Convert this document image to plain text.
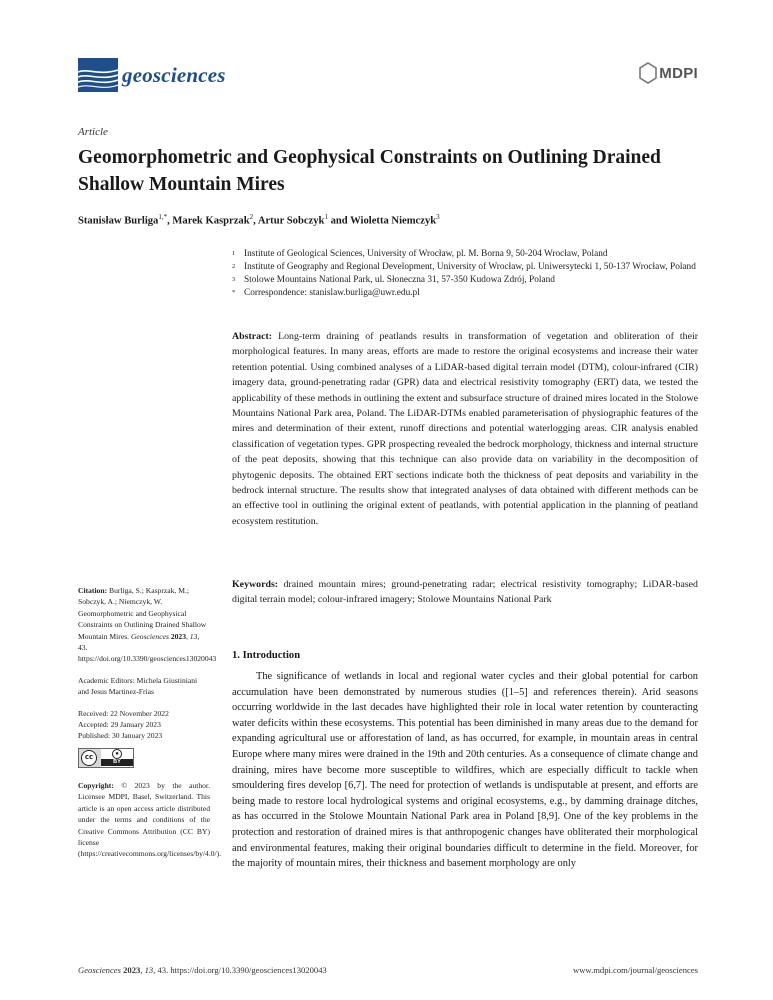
geosciences	MDPI
Article
Geomorphometric and Geophysical Constraints on Outlining Drained Shallow Mountain Mires
Stanisław Burliga$^{1,*}$, Marek Kasprzak$^2$, Artur Sobczyk$^1$ and Wioletta Niemczyk$^3$
1 Institute of Geological Sciences, University of Wrocław, pl. M. Borna 9, 50-204 Wrocław, Poland
2 Institute of Geography and Regional Development, University of Wrocław, pl. Uniwersytecki 1, 50-137 Wrocław, Poland
3 Stolowe Mountains National Park, ul. Słoneczna 31, 57-350 Kudowa Zdrój, Poland
* Correspondence: stanislaw.burliga@uwr.edu.pl

Abstract: Long-term draining of peatlands results in transformation of vegetation and obliteration of their morphological features. In many areas, efforts are made to restore the original ecosystems and increase their water retention potential. Using combined analyses of a LiDAR-based digital terrain model (DTM), colour-infrared (CIR) imagery data, ground-penetrating radar (GPR) data and electrical resistivity tomography (ERT) data, we tested the applicability of these methods in outlining the extent and subsurface structure of drained mires located in the Stolowe Mountains National Park area, Poland. The LiDAR-DTMs enabled parameterisation of physiographic features of the mires and determination of their extent, runoff directions and potential waterlogging areas. CIR analysis enabled classification of vegetation types. GPR prospecting revealed the bedrock morphology, thickness and internal structure of the peat deposits, showing that this technique can also provide data on variability in the decomposition of phytogenic deposits. The obtained ERT sections indicate both the thickness of peat deposits and variability in the bedrock internal structure. The results show that integrated analyses of data obtained with different methods can be an effective tool in outlining the original extent of peatlands, with potential application in the planning of peatland ecosystem restitution.

Keywords: drained mountain mires; ground-penetrating radar; electrical resistivity tomography; LiDAR-based digital terrain model; colour-infrared imagery; Stolowe Mountains National Park

Citation: Burliga, S.; Kasprzak, M.; Sobczyk, A.; Niemczyk, W. Geomorphometric and Geophysical Constraints on Outlining Drained Shallow Mountain Mires. Geosciences 2023, 13, 43. https://doi.org/10.3390/geosciences13020043

Academic Editors: Michela Giustiniani and Jesus Martinez-Frias

Received: 22 November 2022

Accepted: 29 January 2023

Published: 30 January 2023

cc	●
BY

Copyright: © 2023 by the author. Licensee MDPI, Basel, Switzerland. This article is an open access article distributed under the terms and conditions of the Creative Commons Attribution (CC BY) license (https://creativecommons.org/licenses/by/4.0/).

1. Introduction

The significance of wetlands in local and regional water cycles and their global potential for carbon accumulation have been demonstrated by numerous studies ([1–5] and references therein). Arid seasons occurring worldwide in the last decades have highlighted their role in local water retention by counteracting water deficits within these ecosystems. This potential has been diminished in many areas due to the demand for expanding agricultural use or afforestation of land, as has occurred, for example, in mountain areas in central Europe where many mires were drained in the 19th and 20th centuries. As a consequence of climate change and draining, mires have become more susceptible to wildfires, which are especially difficult to tackle when smouldering fires develop [6,7]. The need for protection of wetlands is undisputable at present, and efforts are being made to restore local hydrological systems and original ecosystems, e.g., by damming drainage ditches, as has occurred in the Stolowe Mountain National Park area in Poland [8,9]. One of the key problems in the protection and restoration of drained mires is that anthropogenic changes have obliterated their morphological and environmental features, making their original boundaries difficult to determine in the field. Moreover, for the majority of mountain mires, their thickness and basement morphology are only

Geosciences 2023, 13, 43. https://doi.org/10.3390/geosciences13020043	www.mdpi.com/journal/geosciences
